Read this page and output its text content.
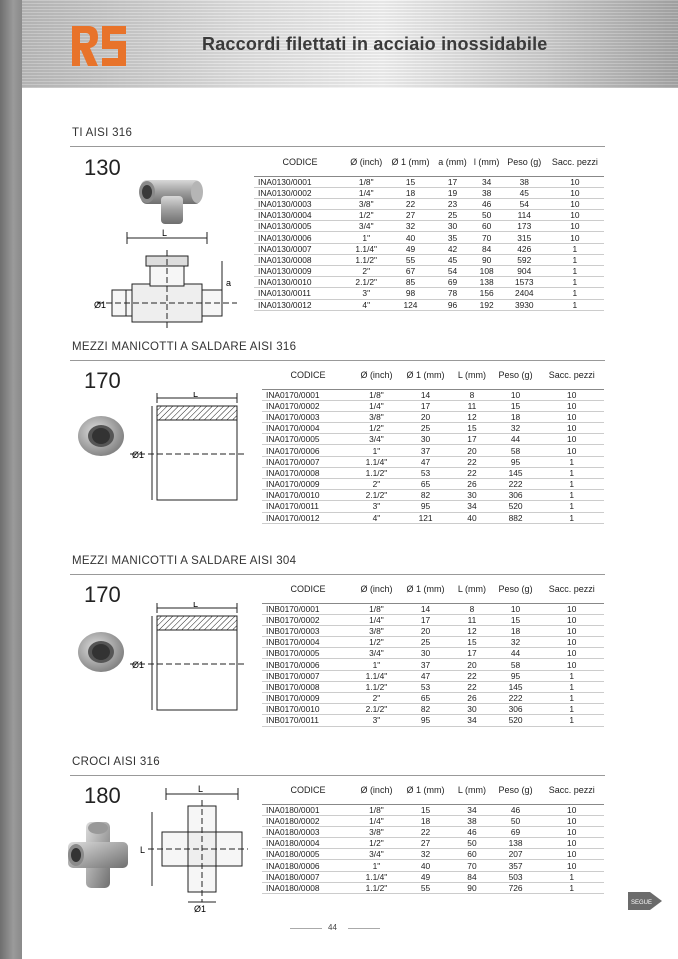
Raccordi filettati in acciaio inossidabile
TI AISI 316
130	CODICE	Ø (inch)	Ø 1 (mm)	a (mm)	l (mm)	Peso (g)	Sacc. pezzi
INA0130/0001	1/8"	15	17	34	38	10
INA0130/0002	1/4"	18	19	38	45	10
INA0130/0003	3/8"	22	23	46	54	10
INA0130/0004	1/2"	27	25	50	114	10
INA0130/0005	3/4"	32	30	60	173	10
INA0130/0006	1"	40	35	70	315	10
INA0130/0007	1.1/4"	49	42	84	426	1
INA0130/0008	1.1/2"	55	45	90	592	1
INA0130/0009	2"	67	54	108	904	1
INA0130/0010	2.1/2"	85	69	138	1573	1
INA0130/0011	3"	98	78	156	2404	1
INA0130/0012	4"	124	96	192	3930	1
L
a
Ø1
MEZZI MANICOTTI A SALDARE AISI 316
170	CODICE	Ø (inch)	Ø 1 (mm)	L (mm)	Peso (g)	Sacc. pezzi
INA0170/0001	1/8"	14	8	10	10
INA0170/0002	1/4"	17	11	15	10
INA0170/0003	3/8"	20	12	18	10
INA0170/0004	1/2"	25	15	32	10
INA0170/0005	3/4"	30	17	44	10
INA0170/0006	1"	37	20	58	10
INA0170/0007	1.1/4"	47	22	95	1
INA0170/0008	1.1/2"	53	22	145	1
INA0170/0009	2"	65	26	222	1
INA0170/0010	2.1/2"	82	30	306	1
INA0170/0011	3"	95	34	520	1
INA0170/0012	4"	121	40	882	1
L
Ø1
MEZZI MANICOTTI A SALDARE AISI 304
170	CODICE	Ø (inch)	Ø 1 (mm)	L (mm)	Peso (g)	Sacc. pezzi
INB0170/0001	1/8"	14	8	10	10
INB0170/0002	1/4"	17	11	15	10
INB0170/0003	3/8"	20	12	18	10
INB0170/0004	1/2"	25	15	32	10
INB0170/0005	3/4"	30	17	44	10
INB0170/0006	1"	37	20	58	10
INB0170/0007	1.1/4"	47	22	95	1
INB0170/0008	1.1/2"	53	22	145	1
INB0170/0009	2"	65	26	222	1
INB0170/0010	2.1/2"	82	30	306	1
INB0170/0011	3"	95	34	520	1
L
Ø1
CROCI AISI 316
180	CODICE	Ø (inch)	Ø 1 (mm)	L (mm)	Peso (g)	Sacc. pezzi
INA0180/0001	1/8"	15	34	46	10
INA0180/0002	1/4"	18	38	50	10
INA0180/0003	3/8"	22	46	69	10
INA0180/0004	1/2"	27	50	138	10
INA0180/0005	3/4"	32	60	207	10
INA0180/0006	1"	40	70	357	10
INA0180/0007	1.1/4"	49	84	503	1
INA0180/0008	1.1/2"	55	90	726	1
L
L
Ø1
SEGUE
44
